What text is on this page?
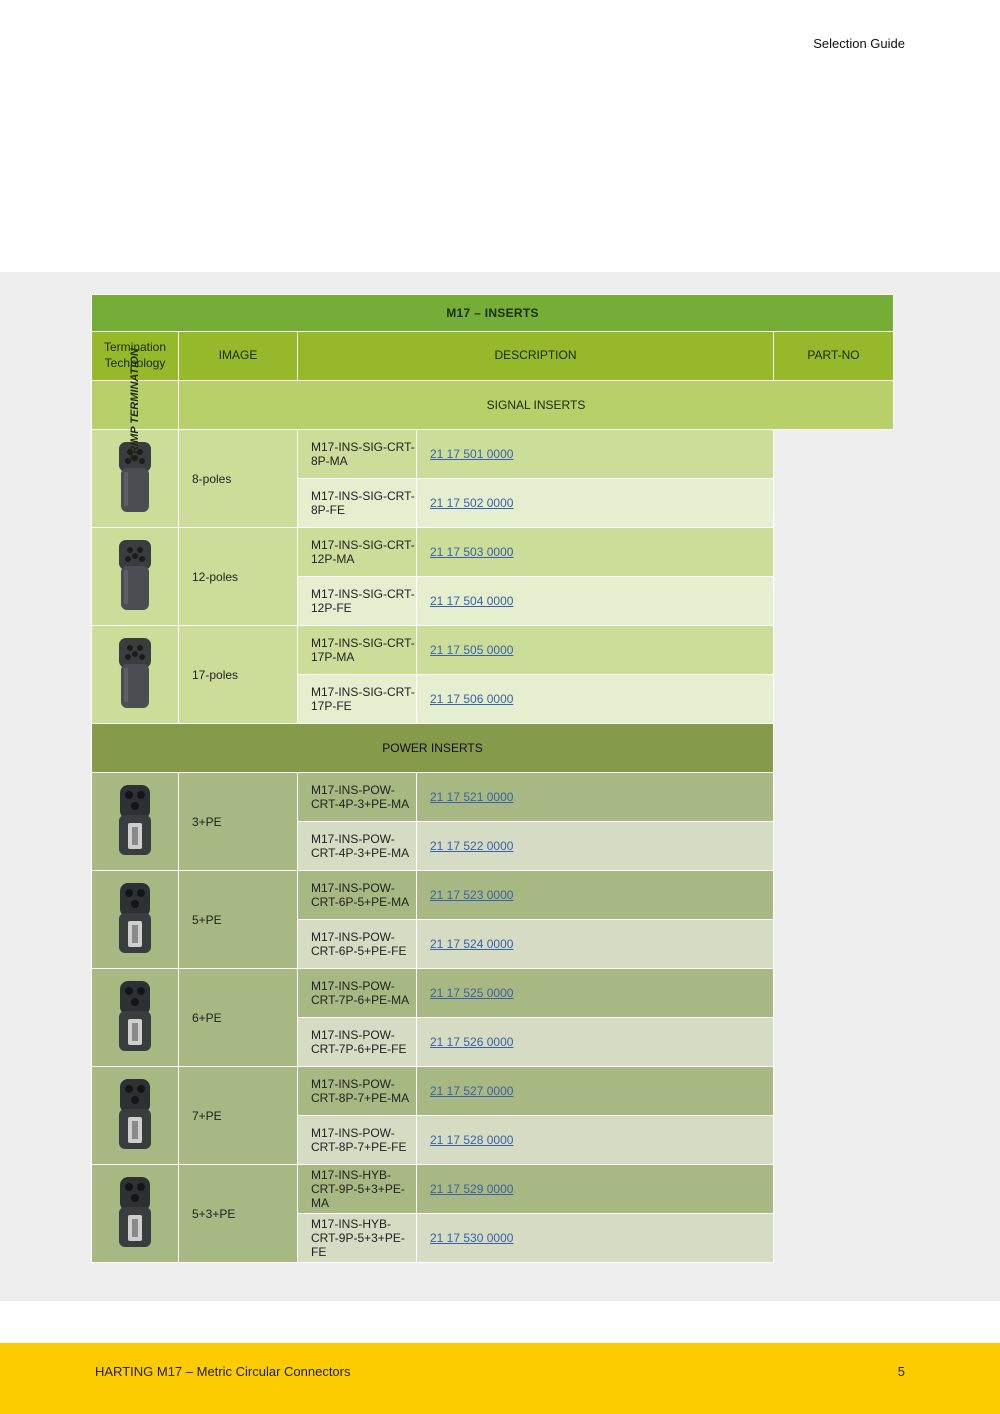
Selection Guide
M17 – INSERTS				
Termination Technology	IMAGE	DESCRIPTION		PART-NO

CRIMP TERMINATION	SIGNAL INSERTS			
	8-poles	M17-INS-SIG-CRT-8P-MA	21 17 501 0000	
		M17-INS-SIG-CRT-8P-FE	21 17 502 0000	
	12-poles	M17-INS-SIG-CRT-12P-MA	21 17 503 0000	
		M17-INS-SIG-CRT-12P-FE	21 17 504 0000	
	17-poles	M17-INS-SIG-CRT-17P-MA	21 17 505 0000	
		M17-INS-SIG-CRT-17P-FE	21 17 506 0000	
POWER INSERTS				
	3+PE	M17-INS-POW-CRT-4P-3+PE-MA	21 17 521 0000	
		M17-INS-POW-CRT-4P-3+PE-MA	21 17 522 0000	
	5+PE	M17-INS-POW-CRT-6P-5+PE-MA	21 17 523 0000	
		M17-INS-POW-CRT-6P-5+PE-FE	21 17 524 0000	
	6+PE	M17-INS-POW-CRT-7P-6+PE-MA	21 17 525 0000	
		M17-INS-POW-CRT-7P-6+PE-FE	21 17 526 0000	
	7+PE	M17-INS-POW-CRT-8P-7+PE-MA	21 17 527 0000	
		M17-INS-POW-CRT-8P-7+PE-FE	21 17 528 0000	
	5+3+PE	M17-INS-HYB-CRT-9P-5+3+PE-MA	21 17 529 0000	
		M17-INS-HYB-CRT-9P-5+3+PE-FE	21 17 530 0000	
HARTING M17 – Metric Circular Connectors	5
